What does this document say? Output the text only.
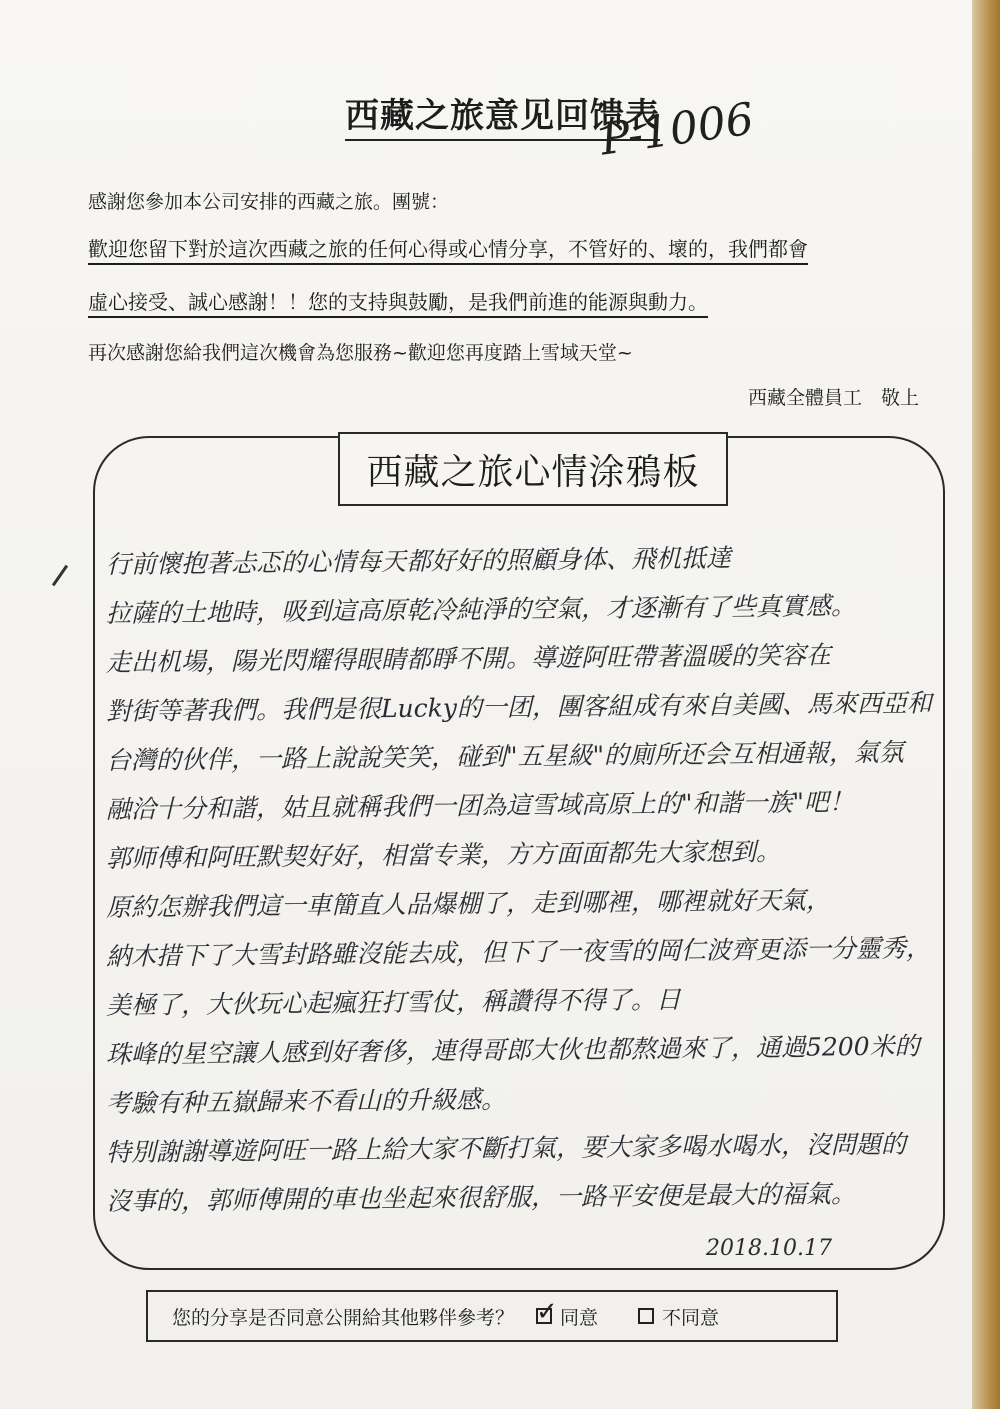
西藏之旅意见回馈表
P-1006
感謝您參加本公司安排的西藏之旅。團號：
歡迎您留下對於這次西藏之旅的任何心得或心情分享，不管好的、壞的，我們都會
虛心接受、誠心感謝！！您的支持與鼓勵，是我們前進的能源與動力。
再次感謝您給我們這次機會為您服務~歡迎您再度踏上雪域天堂~
西藏全體員工　敬上
西藏之旅心情涂鴉板
行前懷抱著忐忑的心情每天都好好的照顧身体、飛机抵達
拉薩的土地時，吸到這高原乾冷純淨的空氣，才逐漸有了些真實感。
走出机場，陽光閃耀得眼睛都睜不開。導遊阿旺帶著溫暖的笑容在
對街等著我們。我們是很Lucky的一团，團客組成有來自美國、馬來西亞和
台灣的伙伴，一路上說說笑笑，碰到"五星級"的廁所还会互相通報，氣氛
融洽十分和諧，姑且就稱我們一团為這雪域高原上的"和諧一族"吧！
郭师傅和阿旺默契好好，相當专業，方方面面都先大家想到。
原約怎辦我們這一車簡直人品爆棚了，走到哪裡，哪裡就好天氣，
納木措下了大雪封路雖沒能去成，但下了一夜雪的岡仁波齊更添一分靈秀，
美極了，大伙玩心起瘋狂打雪仗，稱讚得不得了。日
珠峰的星空讓人感到好奢侈，連得哥郎大伙也都熬過來了，通過5200米的
考驗有种五嶽歸来不看山的升級感。
特別謝謝導遊阿旺一路上給大家不斷打氣，要大家多喝水喝水，沒問題的
沒事的，郭师傅開的車也坐起來很舒服，一路平安便是最大的福氣。
2018.10.17
您的分享是否同意公開給其他夥伴參考？ ✓ 同意	不同意
